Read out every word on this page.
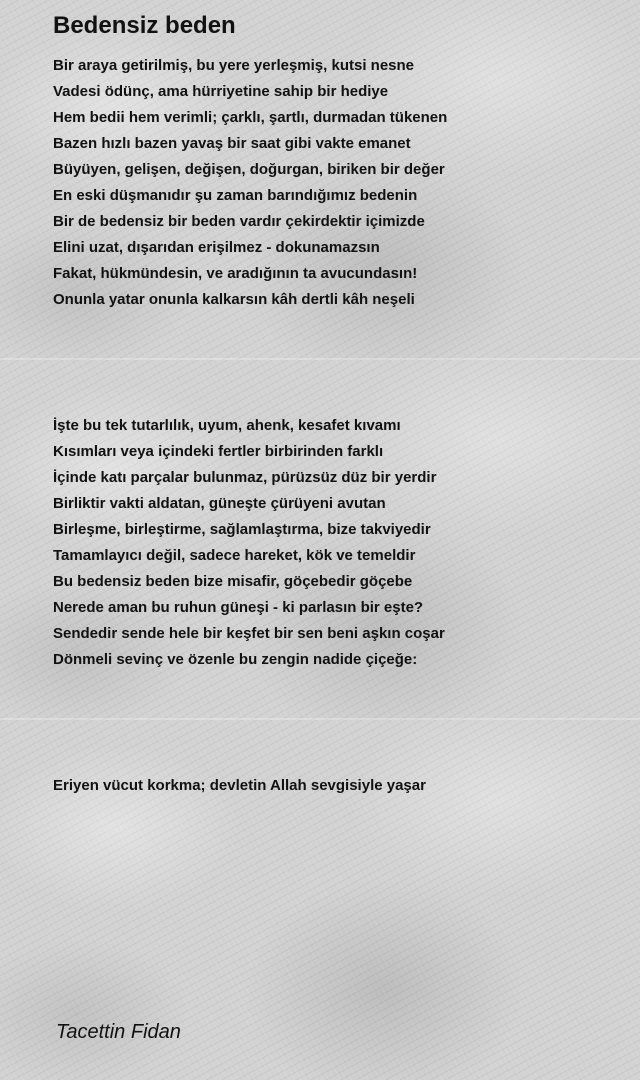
Bedensiz beden
Bir araya getirilmiş, bu yere yerleşmiş, kutsi nesne
Vadesi ödünç, ama hürriyetine sahip bir hediye
Hem bedii hem verimli; çarklı, şartlı, durmadan tükenen
Bazen hızlı bazen yavaş bir saat gibi vakte emanet
Büyüyen, gelişen, değişen, doğurgan, biriken bir değer
En eski düşmanıdır şu zaman barındığımız bedenin
Bir de bedensiz bir beden vardır çekirdektir içimizde
Elini uzat, dışarıdan erişilmez - dokunamazsın
Fakat, hükmündesin, ve aradığının ta avucundasın!
Onunla yatar onunla kalkarsın kâh dertli kâh neşeli
İşte bu tek tutarlılık, uyum, ahenk, kesafet kıvamı
Kısımları veya içindeki fertler birbirinden farklı
İçinde katı parçalar bulunmaz, pürüzsüz düz bir yerdir
Birliktir vakti aldatan, güneşte çürüyeni avutan
Birleşme, birleştirme, sağlamlaştırma, bize takviyedir
Tamamlayıcı değil, sadece hareket, kök ve temeldir
Bu bedensiz beden bize misafir, göçebedir göçebe
Nerede aman bu ruhun güneşi - ki parlasın bir eşte?
Sendedir sende hele bir keşfet bir sen beni aşkın coşar
Dönmeli sevinç ve özenle bu zengin nadide çiçeğe:
Eriyen vücut korkma; devletin Allah sevgisiyle yaşar
Tacettin Fidan
